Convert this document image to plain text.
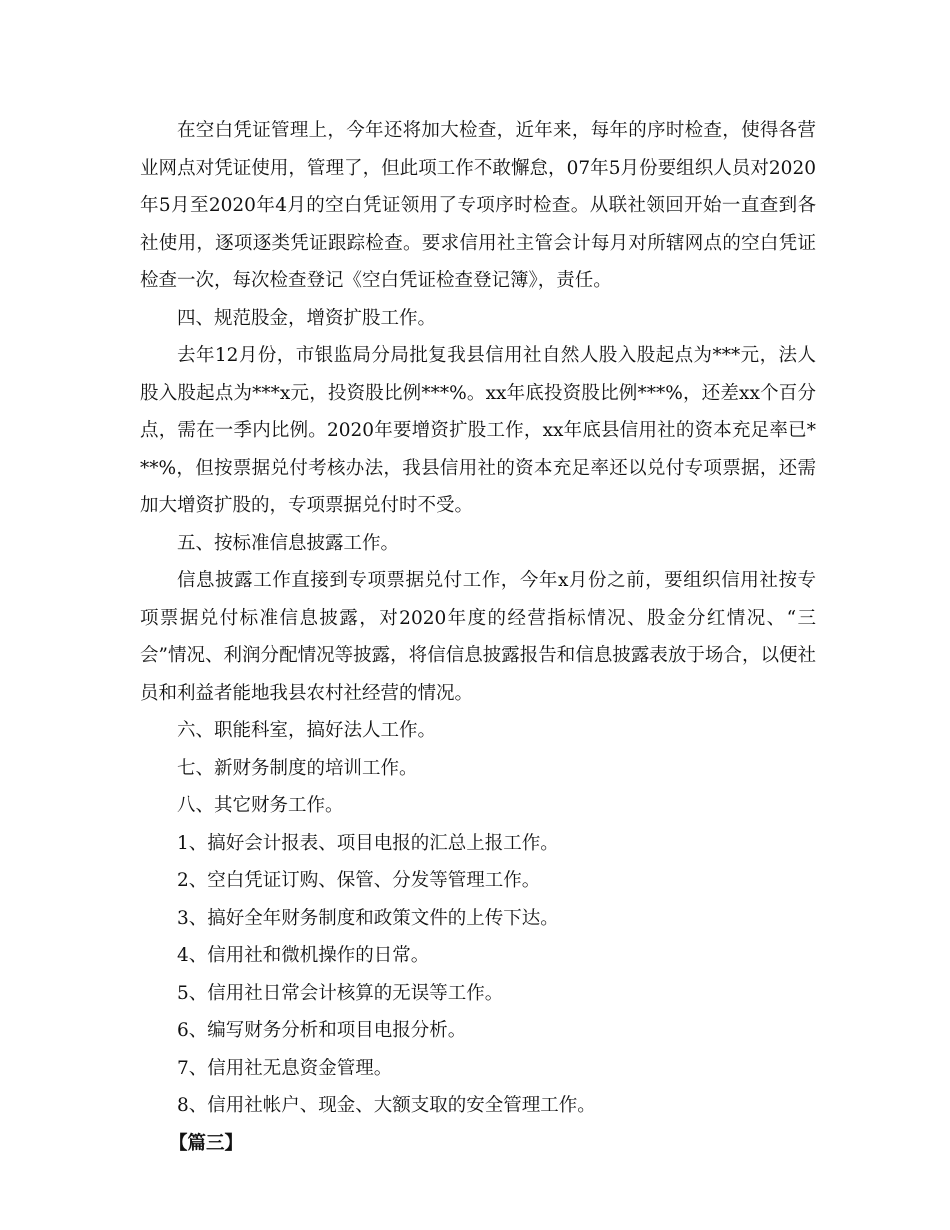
在空白凭证管理上，今年还将加大检查，近年来，每年的序时检查，使得各营业网点对凭证使用，管理了，但此项工作不敢懈怠，07年5月份要组织人员对2020年5月至2020年4月的空白凭证领用了专项序时检查。从联社领回开始一直查到各社使用，逐项逐类凭证跟踪检查。要求信用社主管会计每月对所辖网点的空白凭证检查一次，每次检查登记《空白凭证检查登记簿》，责任。

四、规范股金，增资扩股工作。

去年12月份，市银监局分局批复我县信用社自然人股入股起点为***元，法人股入股起点为***x元，投资股比例***%。xx年底投资股比例***%，还差xx个百分点，需在一季内比例。2020年要增资扩股工作，xx年底县信用社的资本充足率已***%，但按票据兑付考核办法，我县信用社的资本充足率还以兑付专项票据，还需加大增资扩股的，专项票据兑付时不受。

五、按标准信息披露工作。

信息披露工作直接到专项票据兑付工作，今年x月份之前，要组织信用社按专项票据兑付标准信息披露，对2020年度的经营指标情况、股金分红情况、“三会”情况、利润分配情况等披露，将信信息披露报告和信息披露表放于场合，以便社员和利益者能地我县农村社经营的情况。

六、职能科室，搞好法人工作。

七、新财务制度的培训工作。

八、其它财务工作。

1、搞好会计报表、项目电报的汇总上报工作。

2、空白凭证订购、保管、分发等管理工作。

3、搞好全年财务制度和政策文件的上传下达。

4、信用社和微机操作的日常。

5、信用社日常会计核算的无误等工作。

6、编写财务分析和项目电报分析。

7、信用社无息资金管理。

8、信用社帐户、现金、大额支取的安全管理工作。

【篇三】
